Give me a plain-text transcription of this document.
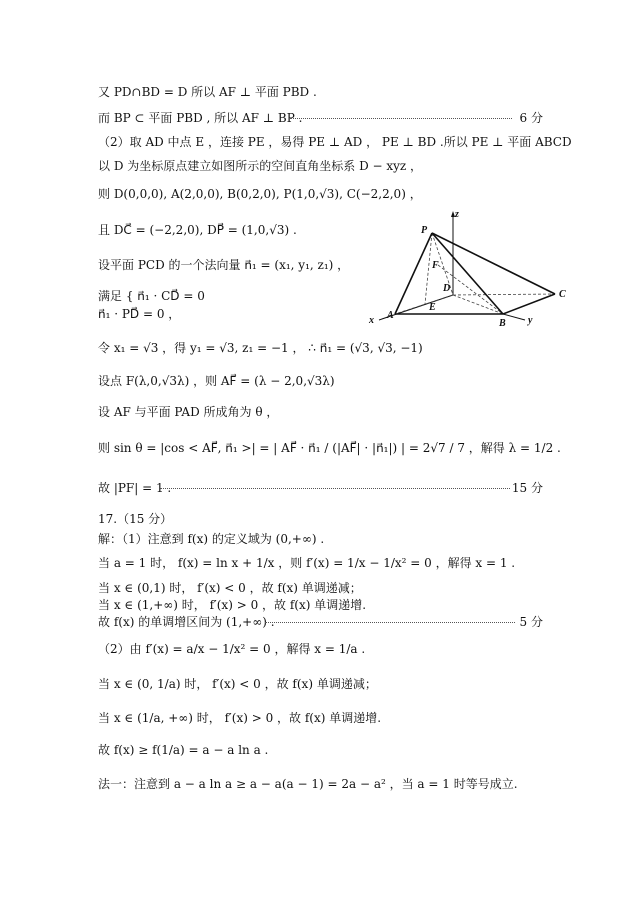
又 PD∩BD = D 所以 AF ⊥ 平面 PBD .
而 BP ⊂ 平面 PBD , 所以 AF ⊥ BP .	6 分
（2）取 AD 中点 E ，连接 PE ，易得 PE ⊥ AD ， PE ⊥ BD .所以 PE ⊥ 平面 ABCD
以 D 为坐标原点建立如图所示的空间直角坐标系 D − xyz ，
则 D(0,0,0), A(2,0,0), B(0,2,0), P(1,0,√3), C(−2,2,0) ，
且 DC⃗ = (−2,2,0), DP⃗ = (1,0,√3) .
设平面 PCD 的一个法向量 n⃗₁ = (x₁, y₁, z₁) ，
满足 { n⃗₁ · CD⃗ = 0
n⃗₁ · PD⃗ = 0 ，
令 x₁ = √3 ，得 y₁ = √3, z₁ = −1 ， ∴ n⃗₁ = (√3, √3, −1)
设点 F(λ,0,√3λ) ，则 AF⃗ = (λ − 2,0,√3λ)
设 AF 与平面 PAD 所成角为 θ ，
则 sin θ = |cos < AF⃗, n⃗₁ >| = | AF⃗ · n⃗₁ / (|AF⃗| · |n⃗₁|) | = 2√7 / 7 ，解得 λ = 1/2 .
故 |PF| = 1 .	15 分
17.（15 分）
解：（1）注意到 f(x) 的定义域为 (0,+∞) .
当 a = 1 时， f(x) = ln x + 1/x ，则 f′(x) = 1/x − 1/x² = 0 ，解得 x = 1 .
当 x ∈ (0,1) 时， f′(x) < 0 ，故 f(x) 单调递减；
当 x ∈ (1,+∞) 时， f′(x) > 0 ，故 f(x) 单调递增.
故 f(x) 的单调增区间为 (1,+∞) .	5 分
（2）由 f′(x) = a/x − 1/x² = 0 ，解得 x = 1/a .
当 x ∈ (0, 1/a) 时， f′(x) < 0 ，故 f(x) 单调递减；
当 x ∈ (1/a, +∞) 时， f′(x) > 0 ，故 f(x) 单调递增.
故 f(x) ≥ f(1/a) = a − a ln a .
法一：注意到 a − a ln a ≥ a − a(a − 1) = 2a − a² ，当 a = 1 时等号成立.
z
x	y
P
F
D
E
A
B
C
